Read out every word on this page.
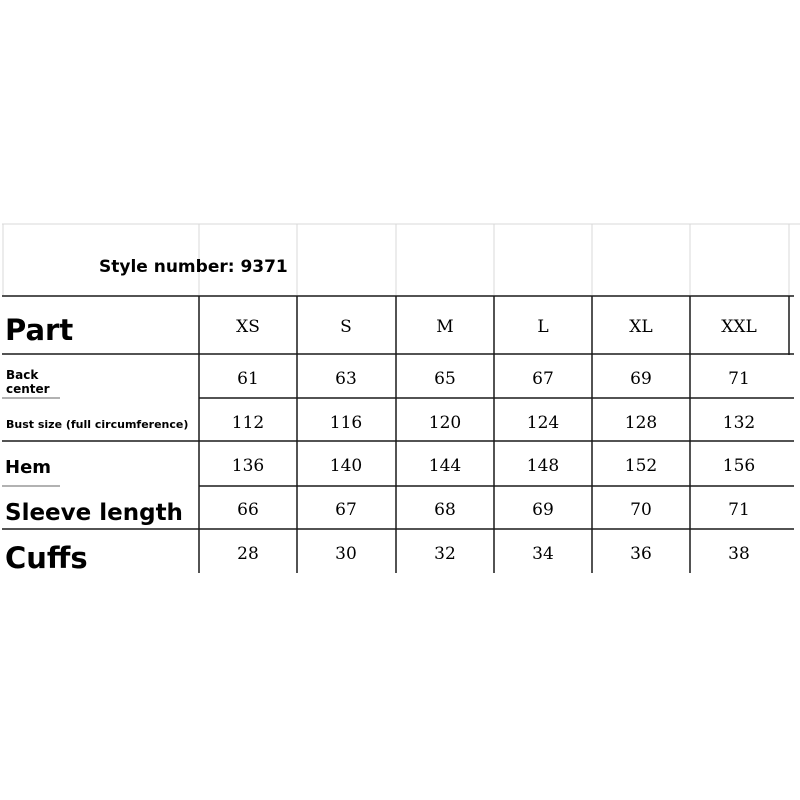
Style number: 9371
Part	XS	S	M	L	XL	XXL
Back
center	61	63	65	67	69	71
Bust size (full circumference)	112	116	120	124	128	132
Hem	136	140	144	148	152	156
Sleeve length	66	67	68	69	70	71
Cuffs	28	30	32	34	36	38
